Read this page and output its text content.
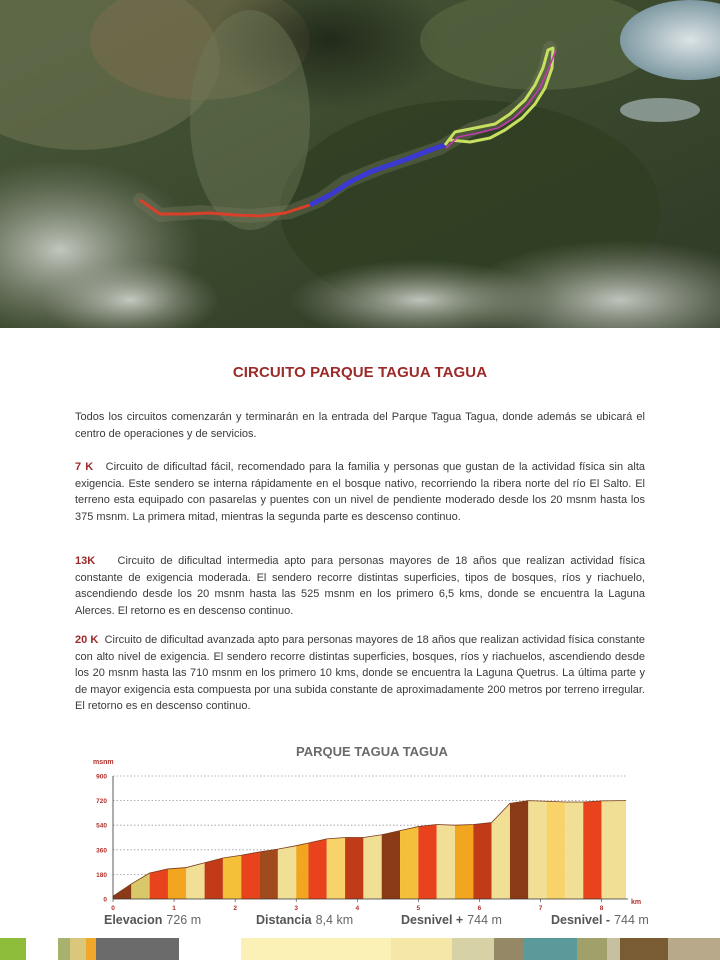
CIRCUITO PARQUE TAGUA TAGUA

Todos los circuitos comenzarán y terminarán en la entrada del Parque Tagua Tagua, donde además se ubicará el centro de operaciones y de servicios.

7 K Circuito de dificultad fácil, recomendado para la familia y personas que gustan de la actividad física sin alta exigencia. Este sendero se interna rápidamente en el bosque nativo, recorriendo la ribera norte del río El Salto. El terreno esta equipado con pasarelas y puentes con un nivel de pendiente moderado desde los 20 msnm hasta los 375 msnm. La primera mitad, mientras la segunda parte es descenso continuo.

13K Circuito de dificultad intermedia apto para personas mayores de 18 años que realizan actividad física constante de exigencia moderada. El sendero recorre distintas superficies, tipos de bosques, ríos y riachuelo, ascendiendo desde los 20 msnm hasta las 525 msnm en los primero 6,5 kms, donde se encuentra la Laguna Alerces. El retorno es en descenso continuo.

20 K Circuito de dificultad avanzada apto para personas mayores de 18 años que realizan actividad física constante con alto nivel de exigencia. El sendero recorre distintas superficies, bosques, ríos y riachuelos, ascendiendo desde los 20 msnm hasta las 710 msnm en los primero 10 kms, donde se encuentra la Laguna Quetrus. La última parte y de mayor exigencia esta compuesta por una subida constante de aproximadamente 200 metros por terreno irregular. El retorno es en descenso continuo.

PARQUE TAGUA TAGUA
msnm
0
180
360
540
720
900
0	1	2	3	4	5	6	7	8
km
Elevacion 726 m	Distancia 8,4 km	Desnivel + 744 m	Desnivel - 744 m
